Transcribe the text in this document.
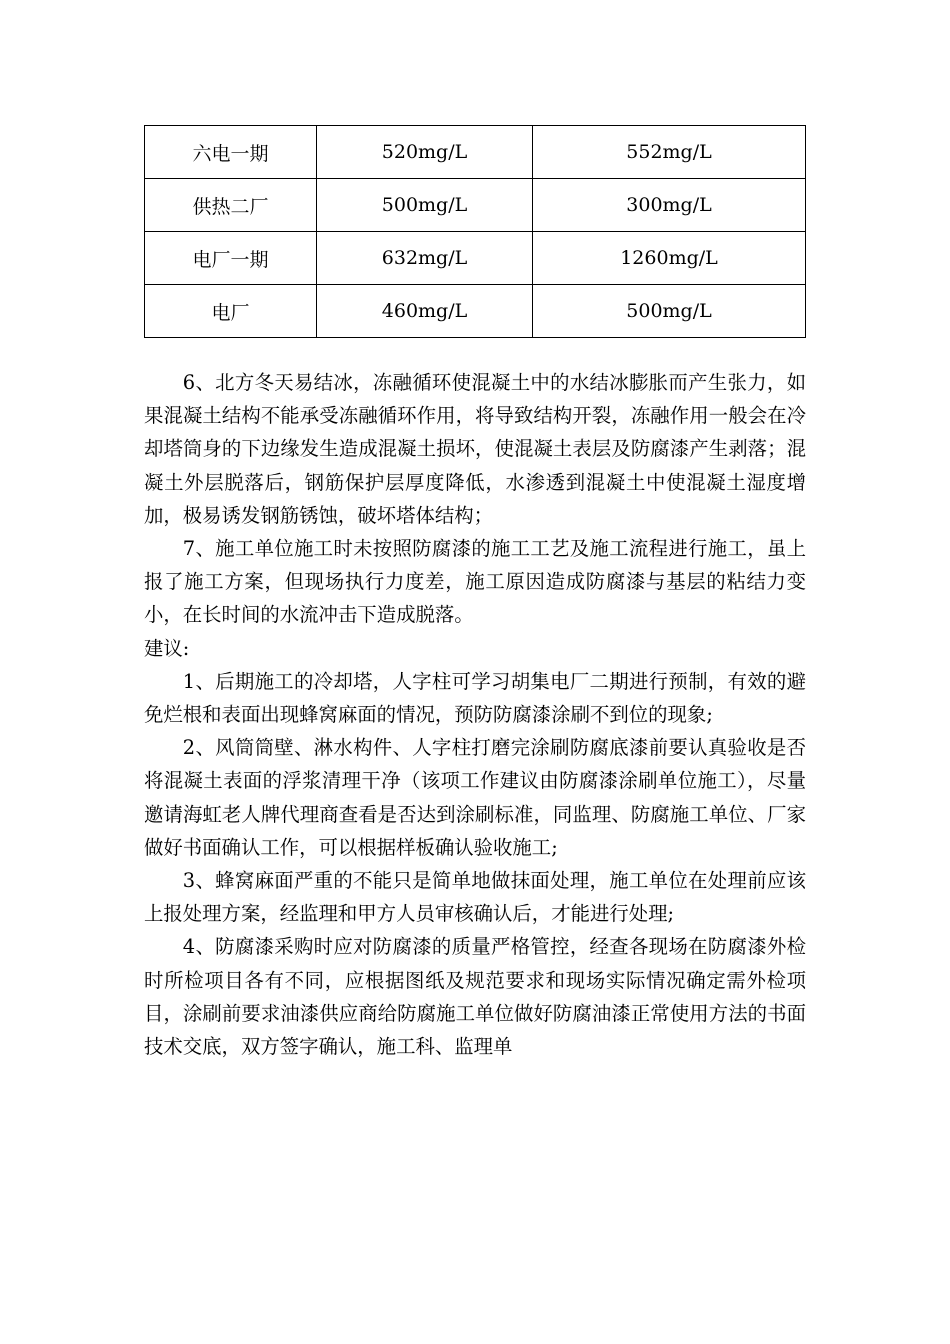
六电一期	520mg/L	552mg/L
供热二厂	500mg/L	300mg/L
电厂一期	632mg/L	1260mg/L
电厂	460mg/L	500mg/L

6、北方冬天易结冰，冻融循环使混凝土中的水结冰膨胀而产生张力，如果混凝土结构不能承受冻融循环作用，将导致结构开裂，冻融作用一般会在冷却塔筒身的下边缘发生造成混凝土损坏，使混凝土表层及防腐漆产生剥落；混凝土外层脱落后，钢筋保护层厚度降低，水渗透到混凝土中使混凝土湿度增加，极易诱发钢筋锈蚀，破坏塔体结构；

7、施工单位施工时未按照防腐漆的施工工艺及施工流程进行施工，虽上报了施工方案，但现场执行力度差，施工原因造成防腐漆与基层的粘结力变小，在长时间的水流冲击下造成脱落。

建议:

1、后期施工的冷却塔，人字柱可学习胡集电厂二期进行预制，有效的避免烂根和表面出现蜂窝麻面的情况，预防防腐漆涂刷不到位的现象;

2、风筒筒壁、淋水构件、人字柱打磨完涂刷防腐底漆前要认真验收是否将混凝土表面的浮浆清理干净（该项工作建议由防腐漆涂刷单位施工），尽量邀请海虹老人牌代理商查看是否达到涂刷标准，同监理、防腐施工单位、厂家做好书面确认工作，可以根据样板确认验收施工;

3、蜂窝麻面严重的不能只是简单地做抹面处理，施工单位在处理前应该上报处理方案，经监理和甲方人员审核确认后，才能进行处理;

4、防腐漆采购时应对防腐漆的质量严格管控，经查各现场在防腐漆外检时所检项目各有不同，应根据图纸及规范要求和现场实际情况确定需外检项目，涂刷前要求油漆供应商给防腐施工单位做好防腐油漆正常使用方法的书面技术交底，双方签字确认，施工科、监理单
